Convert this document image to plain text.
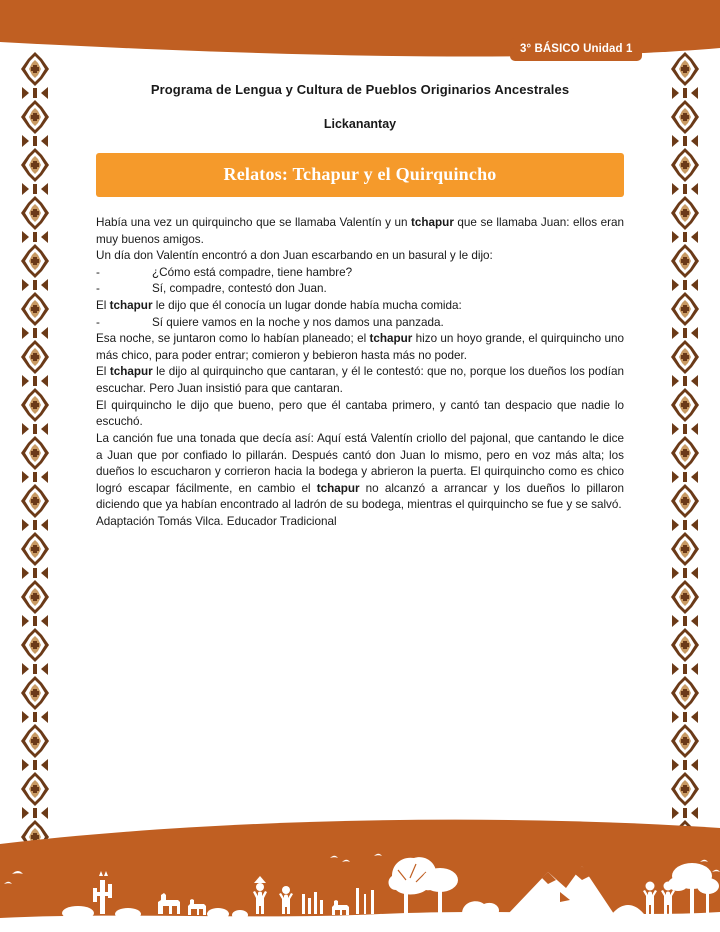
3° BÁSICO Unidad 1
Programa de Lengua y Cultura de Pueblos Originarios Ancestrales
Lickanantay
Relatos: Tchapur y el Quirquincho

Había una vez un quirquincho que se llamaba Valentín y un tchapur que se llamaba Juan: ellos eran muy buenos amigos.

Un día don Valentín encontró a don Juan escarbando en un basural y le dijo:

-	¿Cómo está compadre, tiene hambre?

-	Sí, compadre, contestó don Juan.

El tchapur le dijo que él conocía un lugar donde había mucha comida:

-	Sí quiere vamos en la noche y nos damos una panzada.

Esa noche, se juntaron como lo habían planeado; el tchapur hizo un hoyo grande, el quirquincho uno más chico, para poder entrar; comieron y bebieron hasta más no poder.

El tchapur le dijo al quirquincho que cantaran, y él le contestó: que no, porque los dueños los podían escuchar. Pero Juan insistió para que cantaran.

El quirquincho le dijo que bueno, pero que él cantaba primero, y cantó tan despacio que nadie lo escuchó.

La canción fue una tonada que decía así: Aquí está Valentín criollo del pajonal, que cantando le dice a Juan que por confiado lo pillarán. Después cantó don Juan lo mismo, pero en voz más alta; los dueños lo escucharon y corrieron hacia la bodega y abrieron la puerta. El quirquincho como es chico logró escapar fácilmente, en cambio el tchapur no alcanzó a arrancar y los dueños lo pillaron diciendo que ya habían encontrado al ladrón de su bodega, mientras el quirquincho se fue y se salvó.

Adaptación Tomás Vilca. Educador Tradicional
